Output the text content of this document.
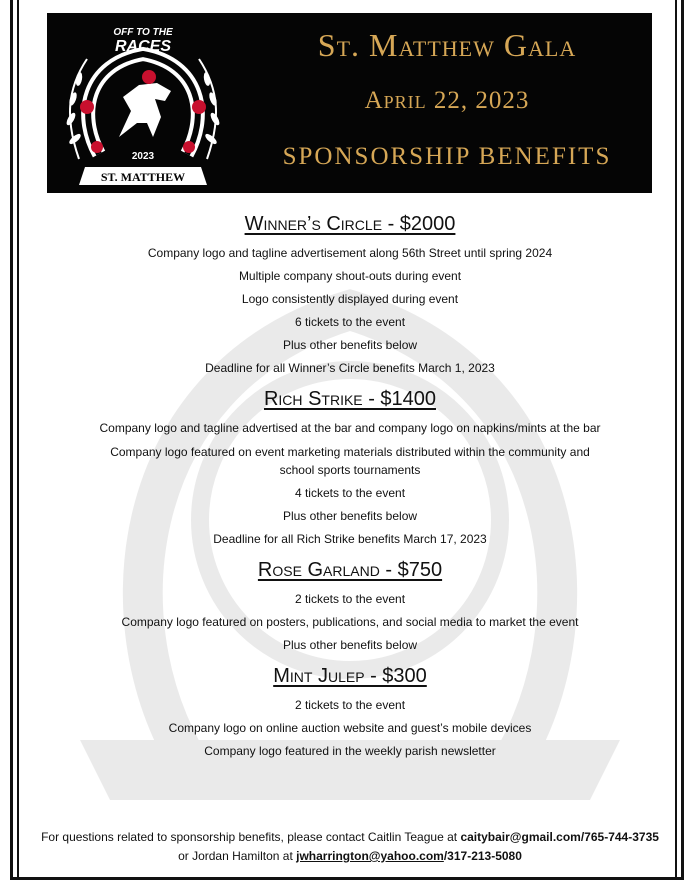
ST. MATTHEW
2023
OFF TO THE
RACES	St. Matthew Gala
April 22, 2023
SPONSORSHIP BENEFITS
Winner’s Circle - $2000
Company logo and tagline advertisement along 56th Street until spring 2024
Multiple company shout-outs during event
Logo consistently displayed during event
6 tickets to the event
Plus other benefits below
Deadline for all Winner’s Circle benefits March 1, 2023
Rich Strike - $1400
Company logo and tagline advertised at the bar and company logo on napkins/mints at the bar
Company logo featured on event marketing materials distributed within the community and school sports tournaments
4 tickets to the event
Plus other benefits below
Deadline for all Rich Strike benefits March 17, 2023
Rose Garland - $750
2 tickets to the event
Company logo featured on posters, publications, and social media to market the event
Plus other benefits below
Mint Julep - $300
2 tickets to the event
Company logo on online auction website and guest’s mobile devices
Company logo featured in the weekly parish newsletter
For questions related to sponsorship benefits, please contact Caitlin Teague at caitybair@gmail.com/765-744-3735
or Jordan Hamilton at jwharrington@yahoo.com/317-213-5080
